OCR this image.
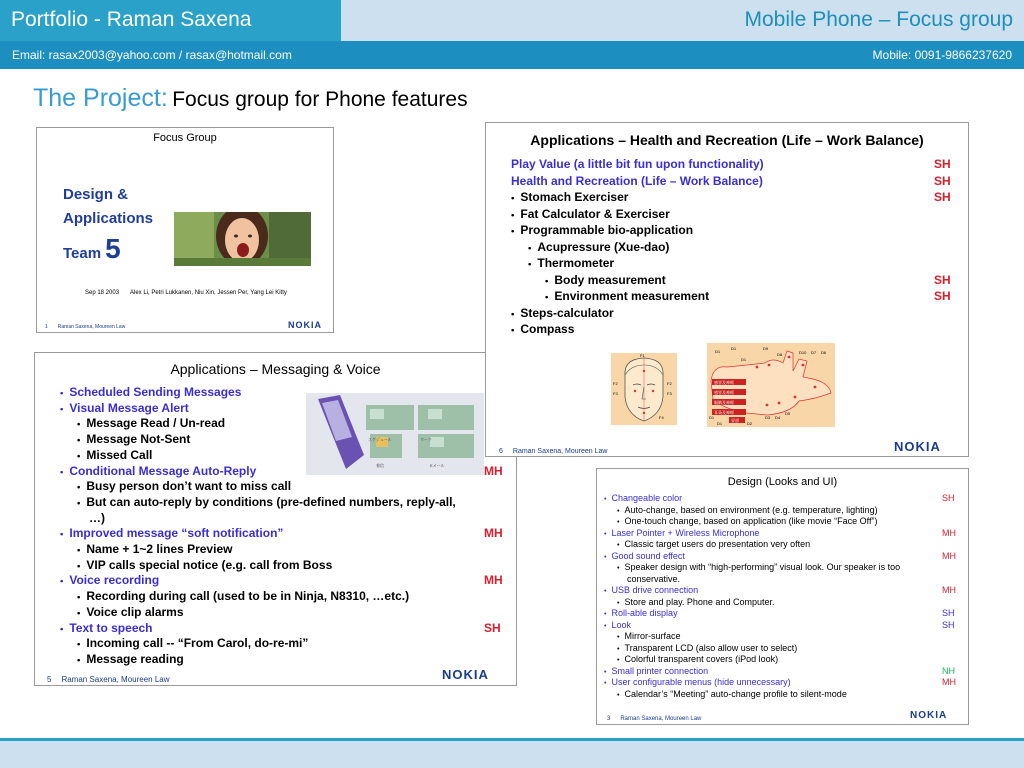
Portfolio - Raman Saxena	Mobile Phone – Focus group
Email: rasax2003@yahoo.com / rasax@hotmail.com	Mobile: 0091-9866237620
The Project: Focus group for Phone features
Focus Group
Design &
Applications
Team 5
Sep 18 2003 Alex Li, Petri Lukkanen, Niu Xin, Jessen Per, Yang Lei Kitty
1 Raman Saxena, Moureen Law	NOKIA
Applications – Messaging & Voice
• Scheduled Sending Messages
• Visual Message Alert
• Message Read / Un-read
• Message Not-Sent
• Missed Call
• Conditional Message Auto-Reply	MH
• Busy person don’t want to miss call
• But can auto-reply by conditions (pre-defined numbers, reply-all,
…)
• Improved message “soft notification”	MH
• Name + 1~2 lines Preview
• VIP calls special notice (e.g. call from Boss
• Voice recording	MH
• Recording during call (used to be in Ninja, N8310, …etc.)
• Voice clip alarms
• Text to speech	SH
• Incoming call -- “From Carol, do-re-mi”
• Message reading
スケジュール	マーク
着信	Eメール
5 Raman Saxena, Moureen Law	NOKIA
Applications – Health and Recreation (Life – Work Balance)
Play Value (a little bit fun upon functionality)	SH
Health and Recreation (Life – Work Balance)	SH
• Stomach Exerciser	SH
• Fat Calculator & Exerciser
• Programmable bio-application
• Acupressure (Xue-dao)
• Thermometer
• Body measurement	SH
• Environment measurement	SH
• Steps-calculator
• Compass
F1
F2	F2
F3	F3
F4
感冒及神經
感冒及神經
眼睛及神經
耳朵及神經
胃部
D1
D1	D9
D1
D8	D10 D7 D6
D1
D2
D3 D4
D5
D1
6 Raman Saxena, Moureen Law	NOKIA
Design (Looks and UI)
• Changeable color	SH
• Auto-change, based on environment (e.g. temperature, lighting)
• One-touch change, based on application (like movie “Face Off”)
• Laser Pointer + Wireless Microphone	MH
• Classic target users do presentation very often
• Good sound effect	MH
• Speaker design with “high-performing” visual look. Our speaker is too
conservative.
• USB drive connection	MH
• Store and play. Phone and Computer.
• Roll-able display	SH
• Look	SH
• Mirror-surface
• Transparent LCD (also allow user to select)
• Colorful transparent covers (iPod look)
• Small printer connection	NH
• User configurable menus (hide unnecessary)	MH
• Calendar’s “Meeting” auto-change profile to silent-mode
3 Raman Saxena, Moureen Law	NOKIA
